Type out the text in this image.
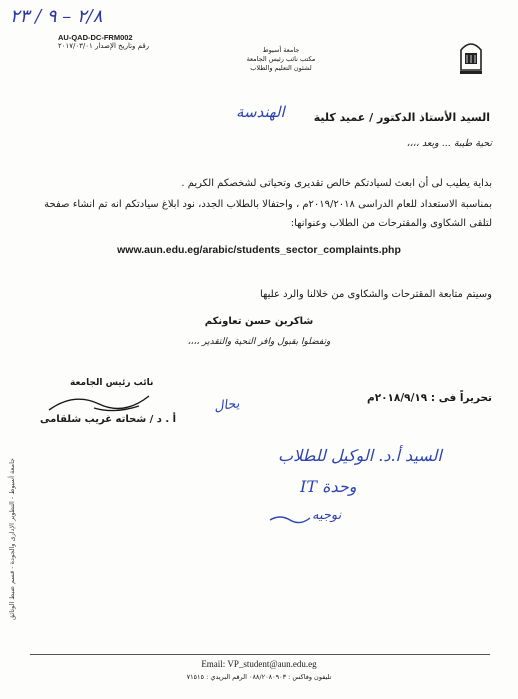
٢/٨ – ٩ / ٢٣
AU-QAD-DC-FRM002
رقم وتاريخ الإصدار ٢٠١٧/٠٣/٠١	جامعة أسيوط
مكتب نائب رئيس الجامعة
لشئون التعليم والطلاب
السيد الأستاذ الدكتور / عميد كلية
الهندسة
تحية طيبة ... وبعد ،،،،
بداية يطيب لى أن ابعث لسيادتكم خالص تقديرى وتحياتى لشخصكم الكريم .
بمناسبة الاستعداد للعام الدراسى ٢٠١٩/٢٠١٨م ، واحتفالا بالطلاب الجدد، نود ابلاغ سيادتكم انه تم انشاء صفحة لتلقى الشكاوى والمقترحات من الطلاب وعنوانها:
www.aun.edu.eg/arabic/students_sector_complaints.php
وسيتم متابعة المقترحات والشكاوى من خلالنا والرد عليها
شاكرين حسن تعاونكم
وتفضلوا بقبول وافر التحية والتقدير ،،،،
نائب رئيس الجامعة
أ . د / شحاته غريب شلقامى
تحريراً فى : ٢٠١٨/٩/١٩م
يحال
جامعة أسيوط - التطوير الإدارى والجودة - قسم ضبط الوثائق
السيد أ.د. الوكيل للطلاب
وحدة IT
نوجيه
Email: VP_student@aun.edu.eg
تليفون وفاكس : ٠٨٨/٢٠٨٠٩٠٣ الرقم البريدي : ٧١٥١٥
